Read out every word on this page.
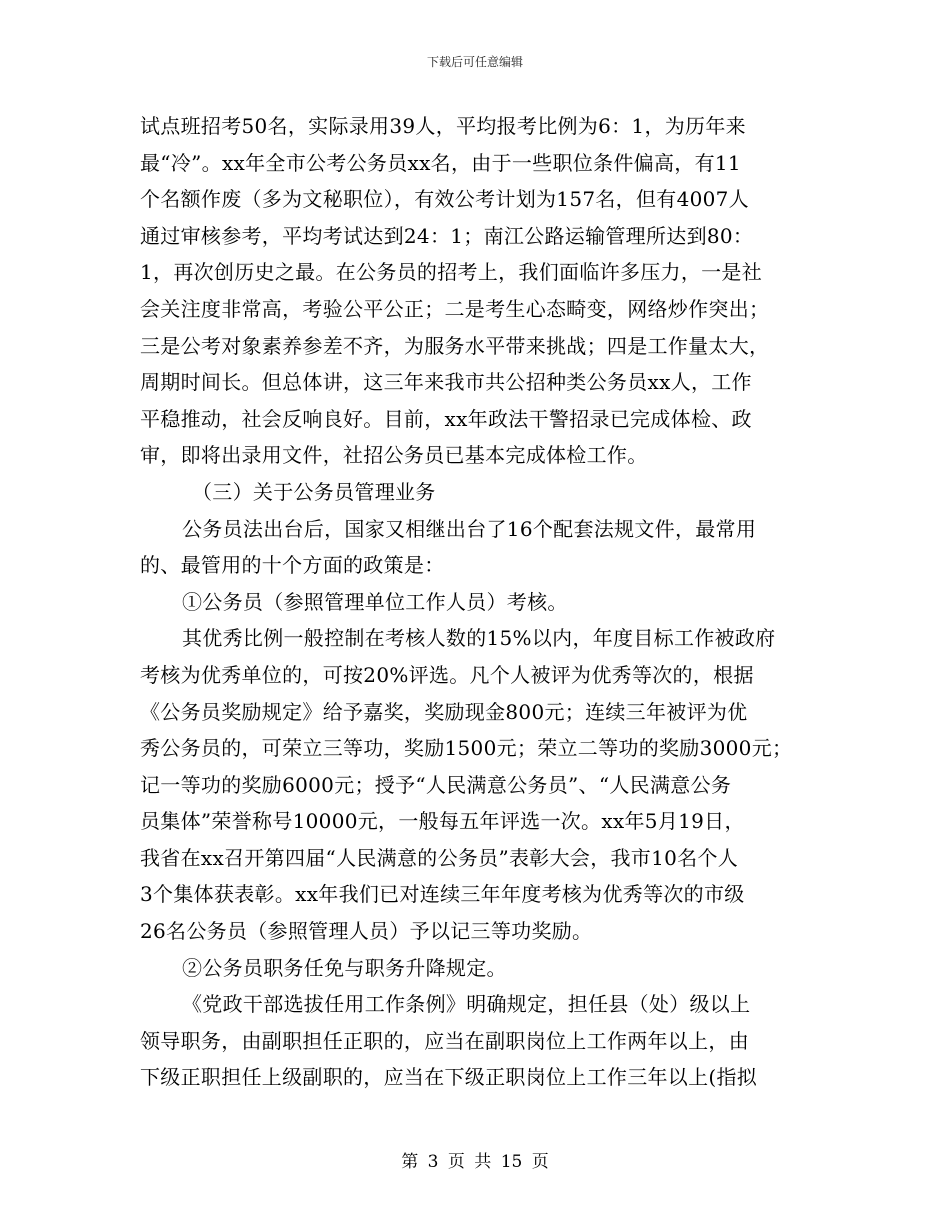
下载后可任意编辑
试点班招考50名，实际录用39人，平均报考比例为6：1，为历年来
最“冷”。xx年全市公考公务员xx名，由于一些职位条件偏高，有11
个名额作废（多为文秘职位），有效公考计划为157名，但有4007人
通过审核参考，平均考试达到24：1；南江公路运输管理所达到80：
1，再次创历史之最。在公务员的招考上，我们面临许多压力，一是社
会关注度非常高，考验公平公正；二是考生心态畸变，网络炒作突出；
三是公考对象素养参差不齐，为服务水平带来挑战；四是工作量太大，
周期时间长。但总体讲，这三年来我市共公招种类公务员xx人，工作
平稳推动，社会反响良好。目前，xx年政法干警招录已完成体检、政
审，即将出录用文件，社招公务员已基本完成体检工作。
（三）关于公务员管理业务
公务员法出台后，国家又相继出台了16个配套法规文件，最常用
的、最管用的十个方面的政策是：
①公务员（参照管理单位工作人员）考核。
其优秀比例一般控制在考核人数的15%以内，年度目标工作被政府
考核为优秀单位的，可按20%评选。凡个人被评为优秀等次的，根据
《公务员奖励规定》给予嘉奖，奖励现金800元；连续三年被评为优
秀公务员的，可荣立三等功，奖励1500元；荣立二等功的奖励3000元；
记一等功的奖励6000元；授予“人民满意公务员”、“人民满意公务
员集体”荣誉称号10000元，一般每五年评选一次。xx年5月19日，
我省在xx召开第四届“人民满意的公务员”表彰大会，我市10名个人
3个集体获表彰。xx年我们已对连续三年年度考核为优秀等次的市级
26名公务员（参照管理人员）予以记三等功奖励。
②公务员职务任免与职务升降规定。
《党政干部选拔任用工作条例》明确规定，担任县（处）级以上
领导职务，由副职担任正职的，应当在副职岗位上工作两年以上，由
下级正职担任上级副职的，应当在下级正职岗位上工作三年以上(指拟
第 3 页 共 15 页
